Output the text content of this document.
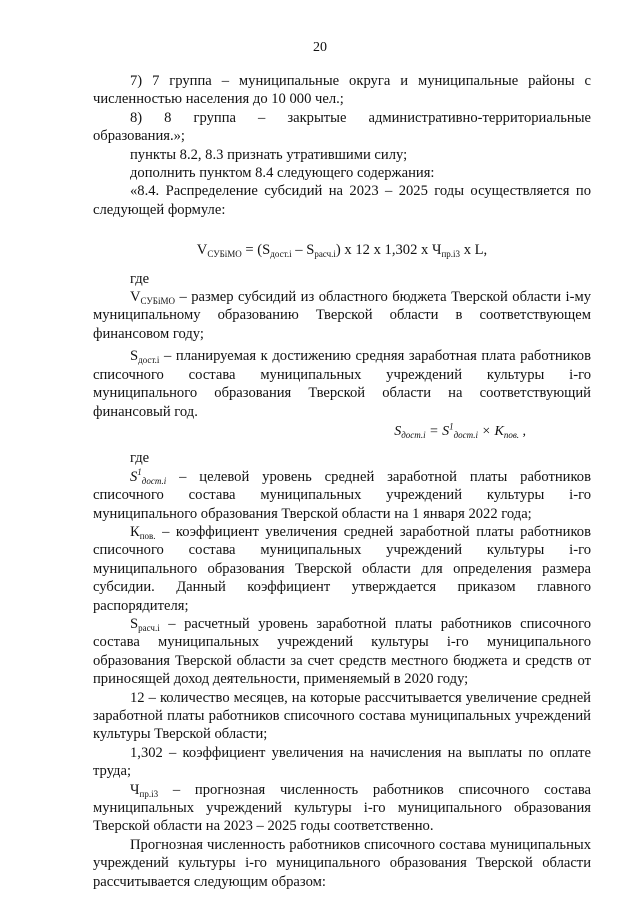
20

7) 7 группа – муниципальные округа и муниципальные районы с численностью населения до 10 000 чел.;

8) 8 группа – закрытые административно-территориальные образования.»;

пункты 8.2, 8.3 признать утратившими силу;

дополнить пунктом 8.4 следующего содержания:

«8.4. Распределение субсидий на 2023 – 2025 годы осуществляется по следующей формуле:

$V_{СУБiМО} = (S_{дост.i} - S_{расч.i})$ x 12 x 1,302 x $Ч_{пр.i3}$ x L,

где

$V_{СУБiМО}$ – размер субсидий из областного бюджета Тверской области i-му муниципальному образованию Тверской области в соответствующем финансовом году;

$S_{дост.i}$ – планируемая к достижению средняя заработная плата работников списочного состава муниципальных учреждений культуры i-го муниципального образования Тверской области на соответствующий финансовый год.

$S_{дост.i} = S^1_{дост.i} \times K_{пов.}$ ,

где

$S^1_{дост.i}$ – целевой уровень средней заработной платы работников списочного состава муниципальных учреждений культуры i-го муниципального образования Тверской области на 1 января 2022 года;

$К_{пов.}$ – коэффициент увеличения средней заработной платы работников списочного состава муниципальных учреждений культуры i-го муниципального образования Тверской области для определения размера субсидии. Данный коэффициент утверждается приказом главного распорядителя;

$S_{расч.i}$ – расчетный уровень заработной платы работников списочного состава муниципальных учреждений культуры i-го муниципального образования Тверской области за счет средств местного бюджета и средств от приносящей доход деятельности, применяемый в 2020 году;

12 – количество месяцев, на которые рассчитывается увеличение средней заработной платы работников списочного состава муниципальных учреждений культуры Тверской области;

1,302 – коэффициент увеличения на начисления на выплаты по оплате труда;

$Ч_{пр.i3}$ – прогнозная численность работников списочного состава муниципальных учреждений культуры i-го муниципального образования Тверской области на 2023 – 2025 годы соответственно.

Прогнозная численность работников списочного состава муниципальных учреждений культуры i-го муниципального образования Тверской области рассчитывается следующим образом:
